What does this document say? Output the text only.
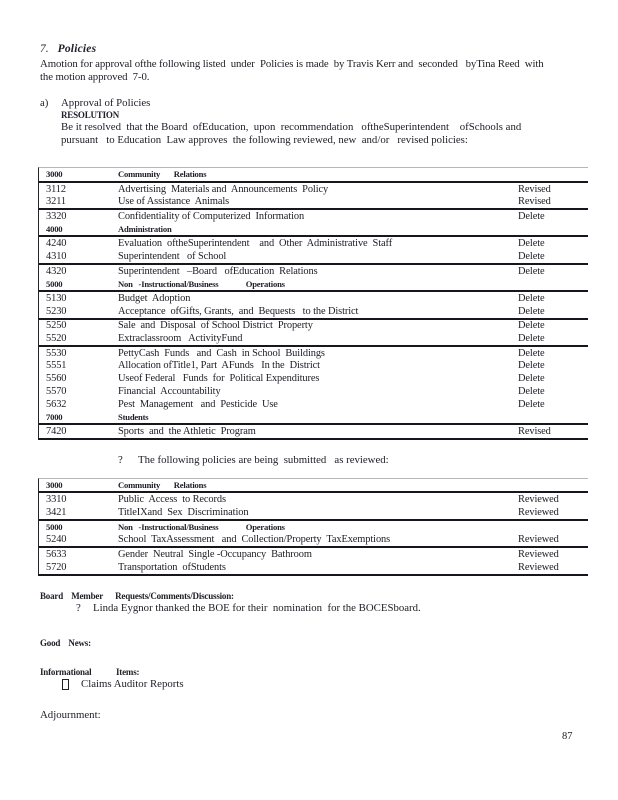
7. Policies
Amotion for approval ofthe following listed  under  Policies is made  by Travis Kerr and  seconded   byTina Reed  with
the motion approved  7-0.
a)	Approval of Policies
RESOLUTION
Be it resolved  that the Board  ofEducation,  upon  recommendation   oftheSuperintendent    ofSchools and
pursuant   to Education  Law approves  the following reviewed, new  and/or   revised policies:
3000	Community       Relations
3112	Advertising  Materials and  Announcements  Policy	Revised
3211	Use of Assistance  Animals	Revised
3320	Confidentiality of Computerized  Information	Delete
4000	Administration
4240	Evaluation  oftheSuperintendent    and  Other  Administrative  Staff	Delete
4310	Superintendent   of School	Delete
4320	Superintendent   –Board   ofEducation  Relations	Delete
5000	Non   -Instructional/Business              Operations
5130	Budget  Adoption	Delete
5230	Acceptance  ofGifts, Grants,  and  Bequests   to the District	Delete
5250	Sale  and  Disposal  of School District  Property	Delete
5520	Extraclassroom   ActivityFund	Delete
5530	PettyCash  Funds   and  Cash  in School  Buildings	Delete
5551	Allocation ofTitle1, Part  AFunds   In the  District	Delete
5560	Useof Federal   Funds  for  Political Expenditures	Delete
5570	Financial  Accountability	Delete
5632	Pest  Management   and  Pesticide  Use	Delete
7000	Students
7420	Sports  and  the Athletic  Program	Revised
?	The following policies are being  submitted   as reviewed:
3000	Community       Relations
3310	Public  Access  to Records	Reviewed
3421	TitleIXand  Sex  Discrimination	Reviewed
5000	Non   -Instructional/Business              Operations
5240	School  TaxAssessment   and  Collection/Property  TaxExemptions	Reviewed
5633	Gender  Neutral  Single -Occupancy  Bathroom	Reviewed
5720	Transportation  ofStudents	Reviewed
Board    Member      Requests/Comments/Discussion:
?	Linda Eygnor thanked the BOE for their  nomination  for the BOCESboard.
Good    News:
Informational            Items:
Claims Auditor Reports
Adjournment:
87
